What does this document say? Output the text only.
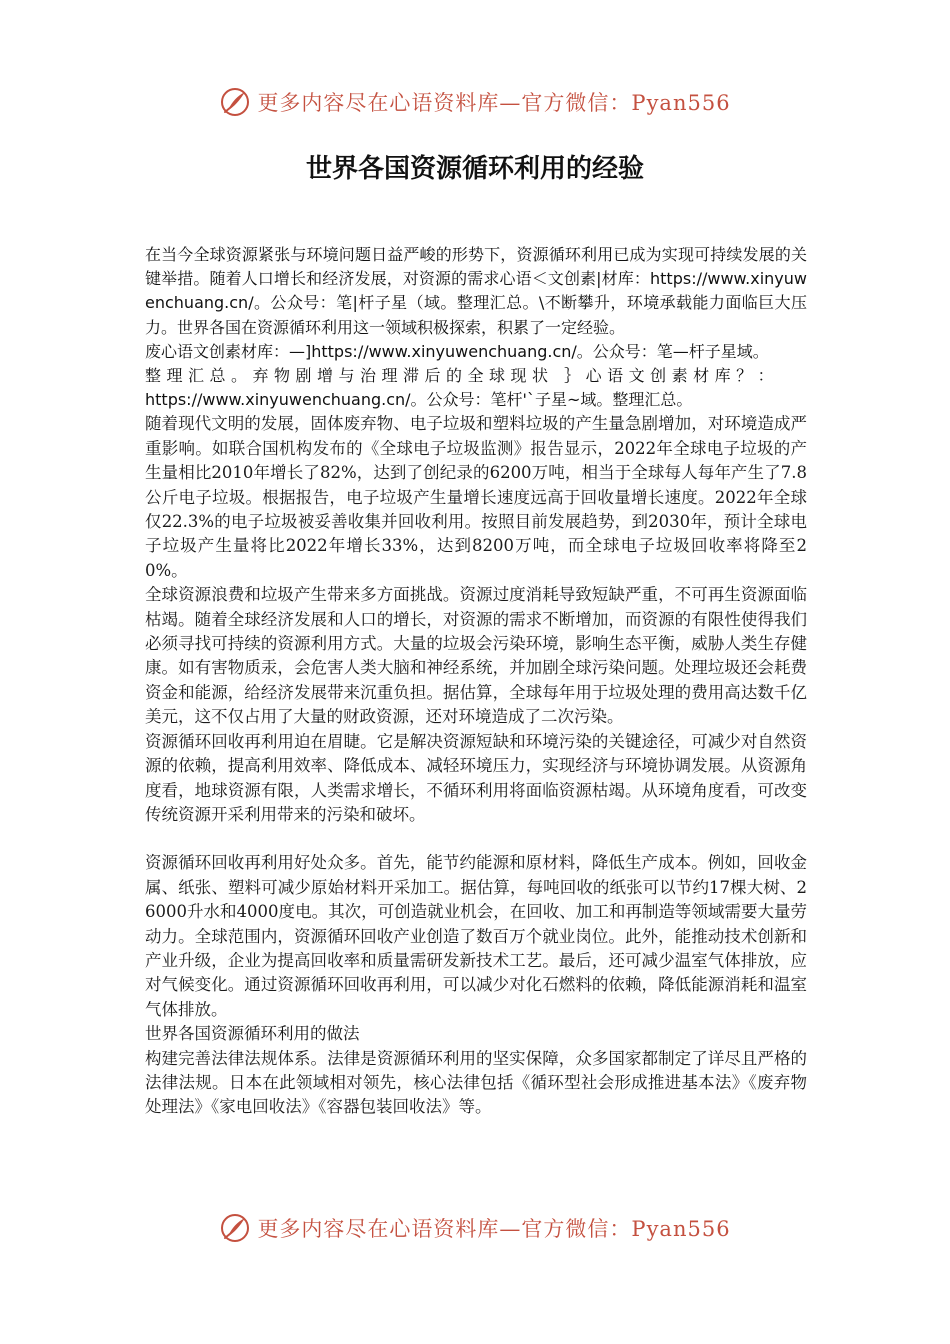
更多内容尽在心语资料库—官方微信：Pyan556
世界各国资源循环利用的经验

在当今全球资源紧张与环境问题日益严峻的形势下，资源循环利用已成为实现可持续发展的关键举措。随着人口增长和经济发展，对资源的需求心语＜文创素|材库：https://www.xinyuwenchuang.cn/。公众号：笔|杆子星（域。整理汇总。\不断攀升，环境承载能力面临巨大压力。世界各国在资源循环利用这一领域积极探索，积累了一定经验。

废心语文创素材库：—]https://www.xinyuwenchuang.cn/。公众号：笔—杆子星域。

整理汇总。弃物剧增与治理滞后的全球现状 ｝心语文创素材库？：

https://www.xinyuwenchuang.cn/。公众号：笔杆'`子星~域。整理汇总。

随着现代文明的发展，固体废弃物、电子垃圾和塑料垃圾的产生量急剧增加，对环境造成严重影响。如联合国机构发布的《全球电子垃圾监测》报告显示，2022年全球电子垃圾的产生量相比2010年增长了82%，达到了创纪录的6200万吨，相当于全球每人每年产生了7.8公斤电子垃圾。根据报告，电子垃圾产生量增长速度远高于回收量增长速度。2022年全球仅22.3%的电子垃圾被妥善收集并回收利用。按照目前发展趋势，到2030年，预计全球电子垃圾产生量将比2022年增长33%，达到8200万吨，而全球电子垃圾回收率将降至20%。

全球资源浪费和垃圾产生带来多方面挑战。资源过度消耗导致短缺严重，不可再生资源面临枯竭。随着全球经济发展和人口的增长，对资源的需求不断增加，而资源的有限性使得我们必须寻找可持续的资源利用方式。大量的垃圾会污染环境，影响生态平衡，威胁人类生存健康。如有害物质汞，会危害人类大脑和神经系统，并加剧全球污染问题。处理垃圾还会耗费资金和能源，给经济发展带来沉重负担。据估算，全球每年用于垃圾处理的费用高达数千亿美元，这不仅占用了大量的财政资源，还对环境造成了二次污染。

资源循环回收再利用迫在眉睫。它是解决资源短缺和环境污染的关键途径，可减少对自然资源的依赖，提高利用效率、降低成本、减轻环境压力，实现经济与环境协调发展。从资源角度看，地球资源有限，人类需求增长，不循环利用将面临资源枯竭。从环境角度看，可改变传统资源开采利用带来的污染和破坏。

资源循环回收再利用好处众多。首先，能节约能源和原材料，降低生产成本。例如，回收金属、纸张、塑料可减少原始材料开采加工。据估算，每吨回收的纸张可以节约17棵大树、26000升水和4000度电。其次，可创造就业机会，在回收、加工和再制造等领域需要大量劳动力。全球范围内，资源循环回收产业创造了数百万个就业岗位。此外，能推动技术创新和产业升级，企业为提高回收率和质量需研发新技术工艺。最后，还可减少温室气体排放，应对气候变化。通过资源循环回收再利用，可以减少对化石燃料的依赖，降低能源消耗和温室气体排放。

世界各国资源循环利用的做法

构建完善法律法规体系。法律是资源循环利用的坚实保障，众多国家都制定了详尽且严格的法律法规。日本在此领域相对领先，核心法律包括《循环型社会形成推进基本法》《废弃物处理法》《家电回收法》《容器包装回收法》等。

更多内容尽在心语资料库—官方微信：Pyan556
